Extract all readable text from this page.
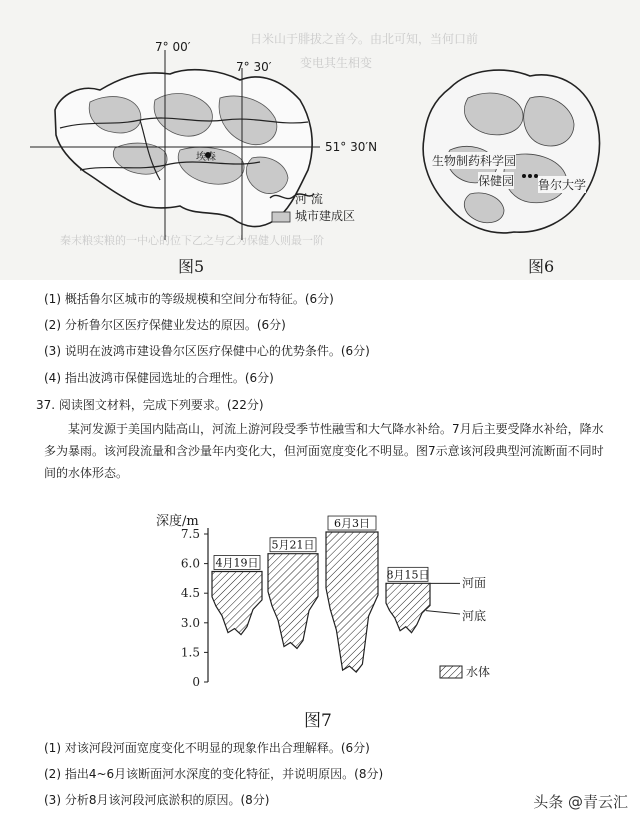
日米山于腓拔之首今。由北可知，当何口前
变电其生相变
秦末粮实粮的一中心的位下乙之与乙为保健人则最一阶
7° 00′
7° 30′
51° 30′N
埃森
河 流
城市建成区
图5
生物制药科学园
保健园 鲁尔大学
图6
(1) 概括鲁尔区城市的等级规模和空间分布特征。(6分)
(2) 分析鲁尔区医疗保健业发达的原因。(6分)
(3) 说明在波鸿市建设鲁尔区医疗保健中心的优势条件。(6分)
(4) 指出波鸿市保健园选址的合理性。(6分)
37. 阅读图文材料，完成下列要求。(22分)
某河发源于美国内陆高山，河流上游河段受季节性融雪和大气降水补给。7月后主要受降水补给，降水多为暴雨。该河段流量和含沙量年内变化大，但河面宽度变化不明显。图7示意该河段典型河流断面不同时间的水体形态。
0
1.5
3.0
4.5
6.0
7.5
4月19日
5月21日
6月3日
8月15日
深度/m
河面
河底
水体
图7
(1) 对该河段河面宽度变化不明显的现象作出合理解释。(6分)
(2) 指出4~6月该断面河水深度的变化特征，并说明原因。(8分)
(3) 分析8月该河段河底淤积的原因。(8分)	头条 @青云汇
